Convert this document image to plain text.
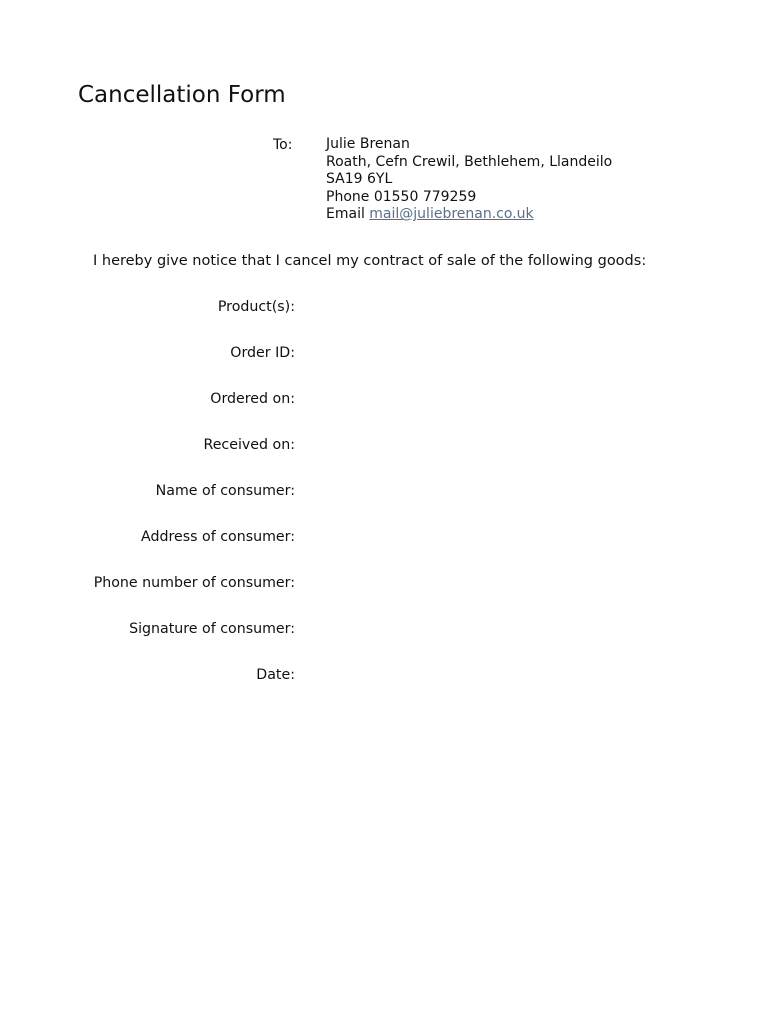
Cancellation Form
To: Julie Brenan
Roath, Cefn Crewil, Bethlehem, Llandeilo
SA19 6YL
Phone 01550 779259
Email mail@juliebrenan.co.uk
I hereby give notice that I cancel my contract of sale of the following goods:
Product(s):
Order ID:
Ordered on:
Received on:
Name of consumer:
Address of consumer:
Phone number of consumer:
Signature of consumer:
Date:
